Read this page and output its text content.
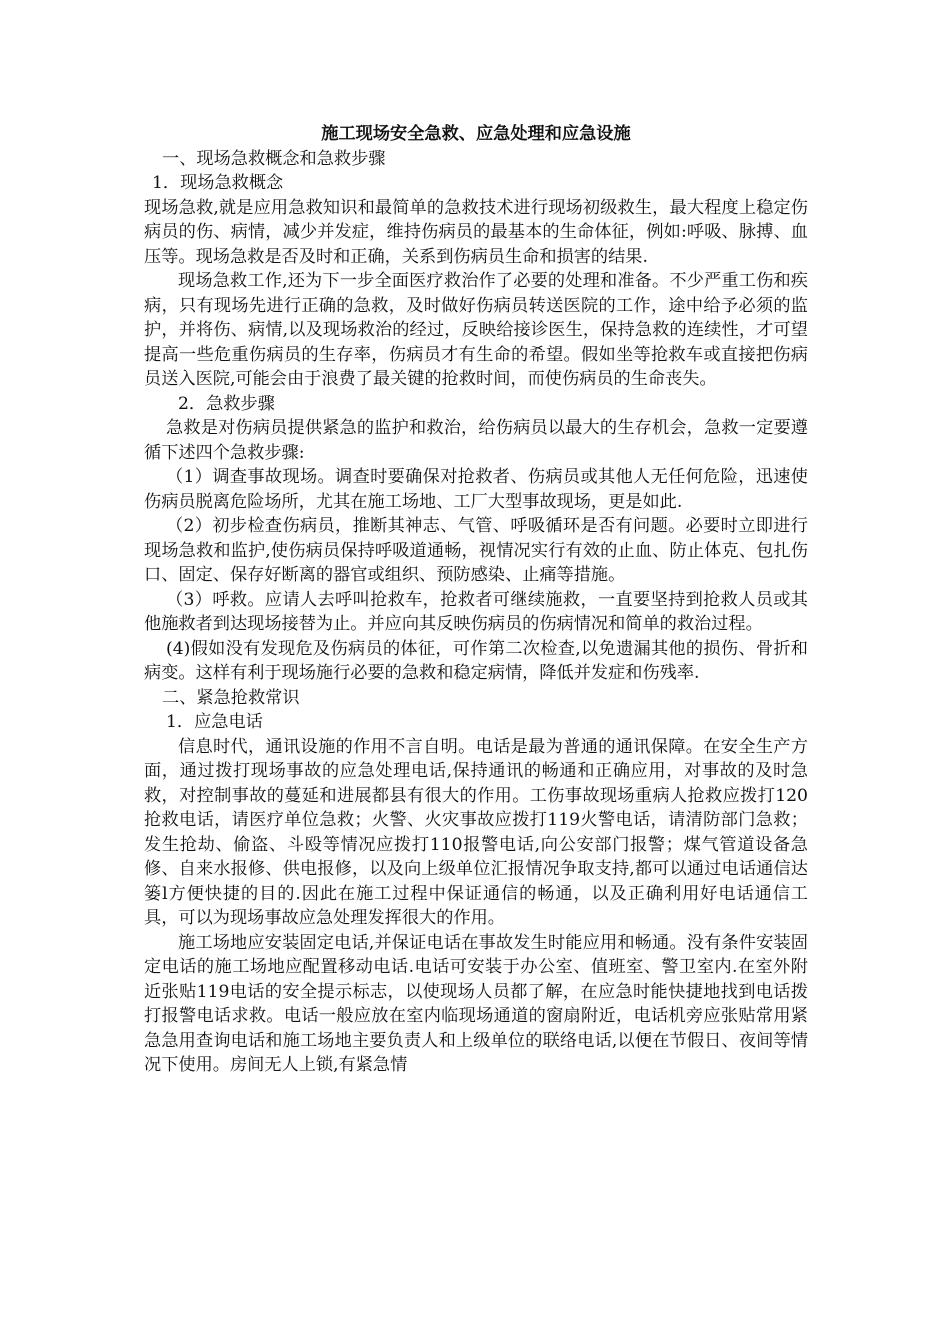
施工现场安全急救、应急处理和应急设施

一、现场急救概念和急救步骤

1．现场急救概念

现场急救,就是应用急救知识和最简单的急救技术进行现场初级救生，最大程度上稳定伤病员的伤、病情，减少并发症，维持伤病员的最基本的生命体征，例如:呼吸、脉搏、血压等。现场急救是否及时和正确，关系到伤病员生命和损害的结果.

现场急救工作,还为下一步全面医疗救治作了必要的处理和准备。不少严重工伤和疾病，只有现场先进行正确的急救，及时做好伤病员转送医院的工作，途中给予必须的监护，并将伤、病情,以及现场救治的经过，反映给接诊医生，保持急救的连续性，才可望提高一些危重伤病员的生存率，伤病员才有生命的希望。假如坐等抢救车或直接把伤病员送入医院,可能会由于浪费了最关键的抢救时间，而使伤病员的生命丧失。

2．急救步骤

急救是对伤病员提供紧急的监护和救治，给伤病员以最大的生存机会，急救一定要遵循下述四个急救步骤:

（1）调查事故现场。调查时要确保对抢救者、伤病员或其他人无任何危险，迅速使伤病员脱离危险场所，尤其在施工场地、工厂大型事故现场，更是如此.

（2）初步检查伤病员，推断其神志、气管、呼吸循环是否有问题。必要时立即进行现场急救和监护,使伤病员保持呼吸道通畅，视情况实行有效的止血、防止体克、包扎伤口、固定、保存好断离的器官或组织、预防感染、止痛等措施。

（3）呼救。应请人去呼叫抢救车，抢救者可继续施救，一直要坚持到抢救人员或其他施救者到达现场接替为止。并应向其反映伤病员的伤病情况和简单的救治过程。

(4)假如没有发现危及伤病员的体征，可作第二次检查,以免遗漏其他的损伤、骨折和病变。这样有利于现场施行必要的急救和稳定病情，降低并发症和伤残率.

二、紧急抢救常识

1．应急电话

信息时代，通讯设施的作用不言自明。电话是最为普通的通讯保障。在安全生产方面，通过拨打现场事故的应急处理电话,保持通讯的畅通和正确应用，对事故的及时急救，对控制事故的蔓延和进展都县有很大的作用。工伤事故现场重病人抢救应拨打120抢救电话，请医疗单位急救；火警、火灾事故应拨打119火警电话，请清防部门急救；发生抢劫、偷盗、斗殴等情况应拨打110报警电话,向公安部门报警；煤气管道设备急修、自来水报修、供电报修，以及向上级单位汇报情况争取支持,都可以通过电话通信达篓l方便快捷的目的.因此在施工过程中保证通信的畅通，以及正确利用好电话通信工具，可以为现场事故应急处理发挥很大的作用。

施工场地应安装固定电话,并保证电话在事故发生时能应用和畅通。没有条件安装固定电话的施工场地应配置移动电话.电话可安装于办公室、值班室、警卫室内.在室外附近张贴119电话的安全提示标志，以使现场人员都了解，在应急时能快捷地找到电话拨打报警电话求救。电话一般应放在室内临现场通道的窗扇附近，电话机旁应张贴常用紧急急用查询电话和施工场地主要负责人和上级单位的联络电话,以便在节假日、夜间等情况下使用。房间无人上锁,有紧急情
